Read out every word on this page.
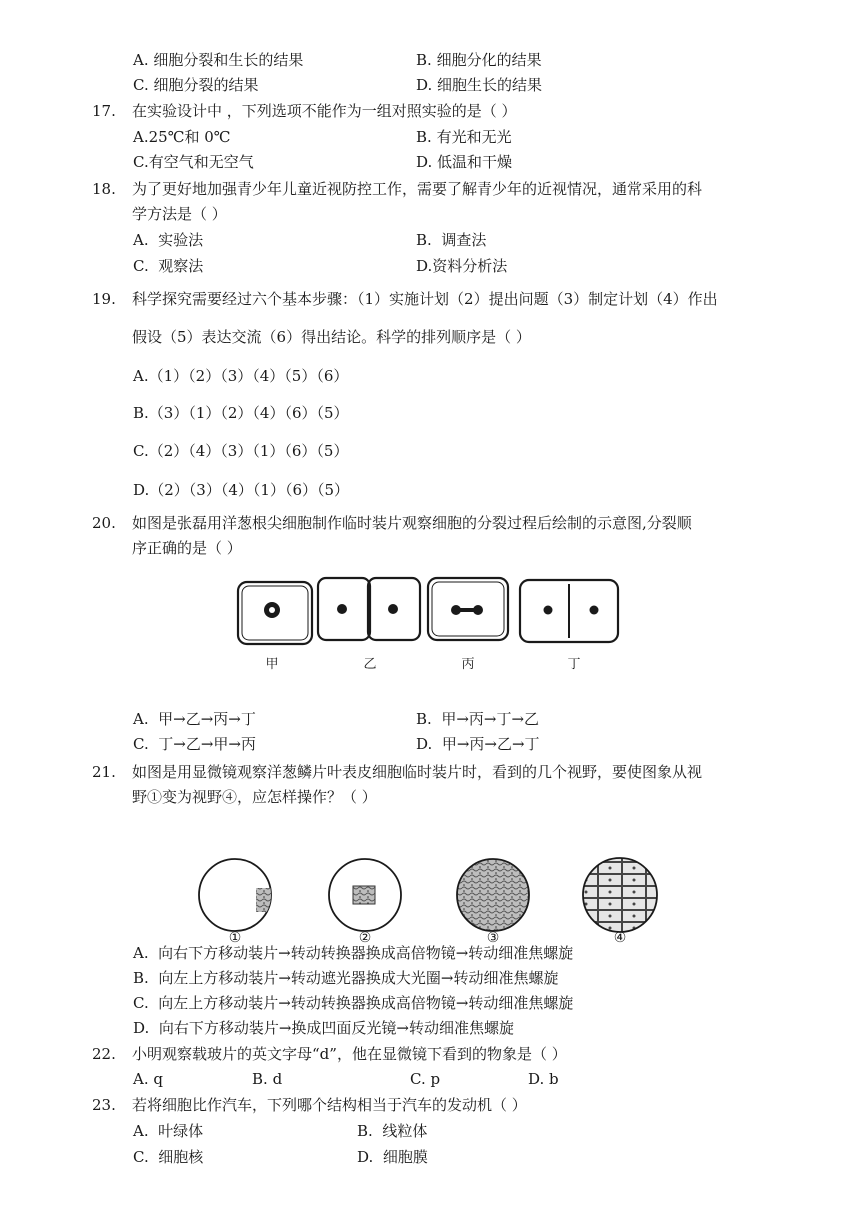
A. 细胞分裂和生长的结果	B. 细胞分化的结果
C. 细胞分裂的结果	D. 细胞生长的结果
17. 在实验设计中 ，下列选项不能作为一组对照实验的是（ ）
A.25℃和 0℃	B. 有光和无光
C.有空气和无空气	D. 低温和干燥
18. 为了更好地加强青少年儿童近视防控工作，需要了解青少年的近视情况，通常采用的科
学方法是（ ）
A. 实验法	B. 调查法
C. 观察法	D.资料分析法
19. 科学探究需要经过六个基本步骤：（1）实施计划（2）提出问题（3）制定计划（4）作出
假设（5）表达交流（6）得出结论。科学的排列顺序是（ ）
A.（1）（2）（3）（4）（5）（6）
B.（3）（1）（2）（4）（6）（5）
C.（2）（4）（3）（1）（6）（5）
D.（2）（3）（4）（1）（6）（5）
20. 如图是张磊用洋葱根尖细胞制作临时装片观察细胞的分裂过程后绘制的示意图,分裂顺
序正确的是（ ）
甲	乙	丙	丁
A. 甲→乙→丙→丁	B. 甲→丙→丁→乙
C. 丁→乙→甲→丙	D. 甲→丙→乙→丁
21. 如图是用显微镜观察洋葱鳞片叶表皮细胞临时装片时，看到的几个视野，要使图象从视
野①变为视野④，应怎样操作？（ ）
①	②	③	④
A. 向右下方移动装片→转动转换器换成高倍物镜→转动细准焦螺旋
B. 向左上方移动装片→转动遮光器换成大光圈→转动细准焦螺旋
C. 向左上方移动装片→转动转换器换成高倍物镜→转动细准焦螺旋
D. 向右下方移动装片→换成凹面反光镜→转动细准焦螺旋
22. 小明观察载玻片的英文字母“d”，他在显微镜下看到的物象是（ ）
A. q	B. d	C. p	D. b
23. 若将细胞比作汽车，下列哪个结构相当于汽车的发动机（ ）
A. 叶绿体	B. 线粒体
C. 细胞核	D. 细胞膜
